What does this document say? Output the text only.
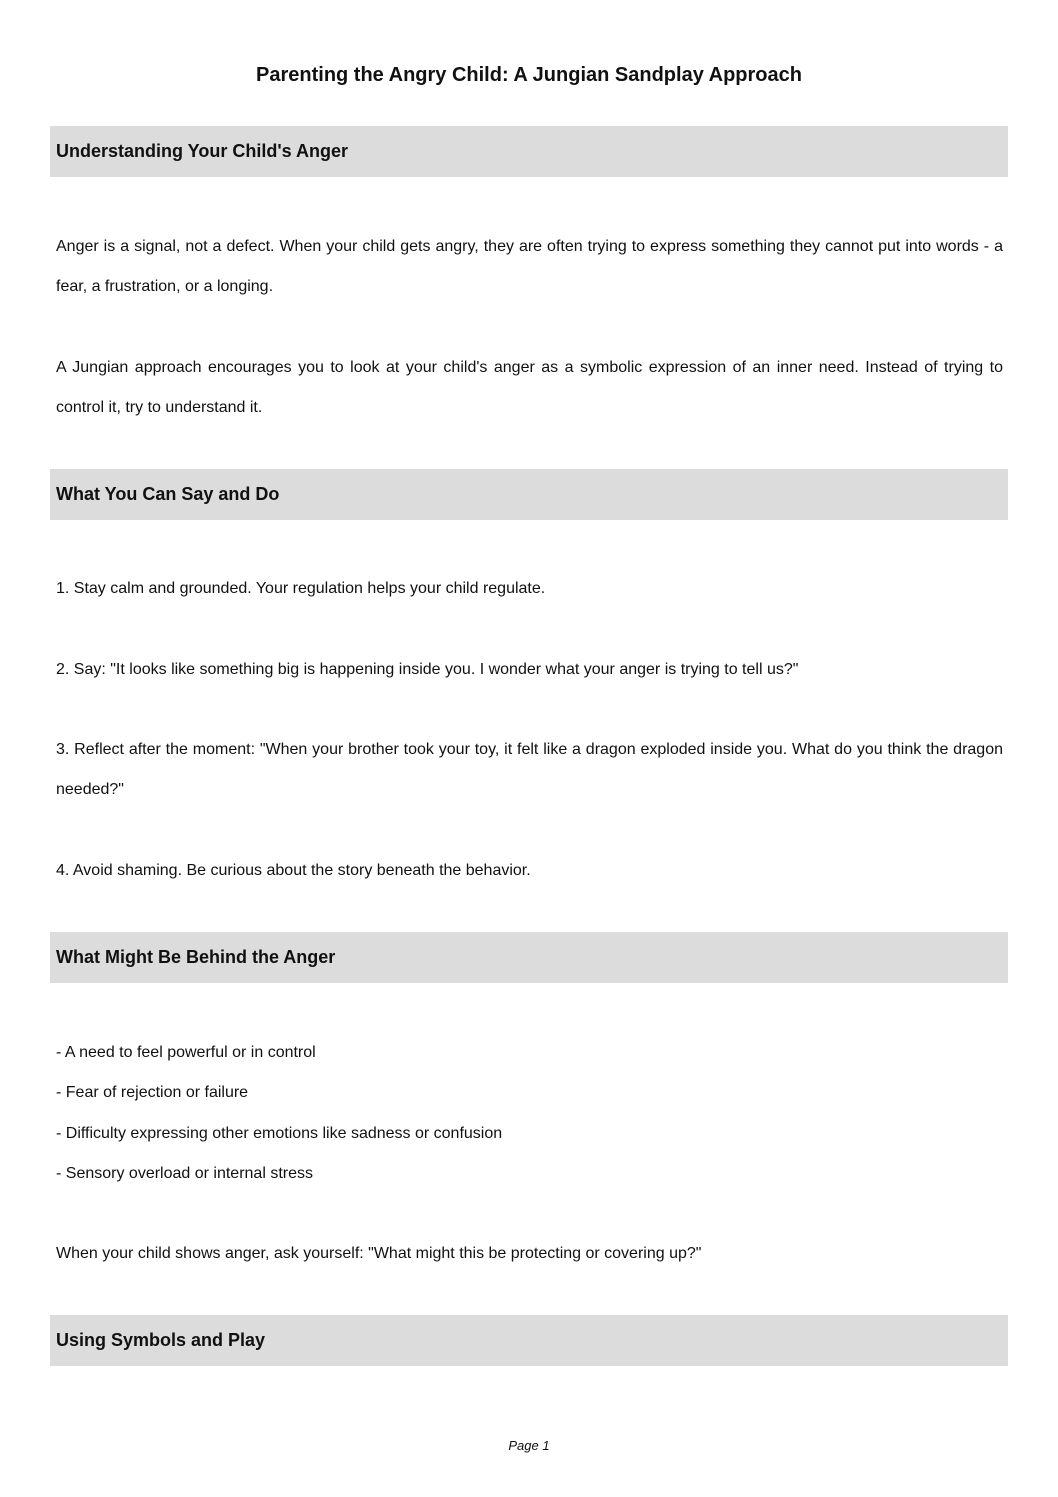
Parenting the Angry Child: A Jungian Sandplay Approach
Understanding Your Child's Anger

Anger is a signal, not a defect. When your child gets angry, they are often trying to express something they cannot put into words - a fear, a frustration, or a longing.

A Jungian approach encourages you to look at your child's anger as a symbolic expression of an inner need. Instead of trying to control it, try to understand it.

What You Can Say and Do

1. Stay calm and grounded. Your regulation helps your child regulate.

2. Say: "It looks like something big is happening inside you. I wonder what your anger is trying to tell us?"

3. Reflect after the moment: "When your brother took your toy, it felt like a dragon exploded inside you. What do you think the dragon needed?"

4. Avoid shaming. Be curious about the story beneath the behavior.

What Might Be Behind the Anger

- A need to feel powerful or in control

- Fear of rejection or failure

- Difficulty expressing other emotions like sadness or confusion

- Sensory overload or internal stress

When your child shows anger, ask yourself: "What might this be protecting or covering up?"

Using Symbols and Play
Page 1
